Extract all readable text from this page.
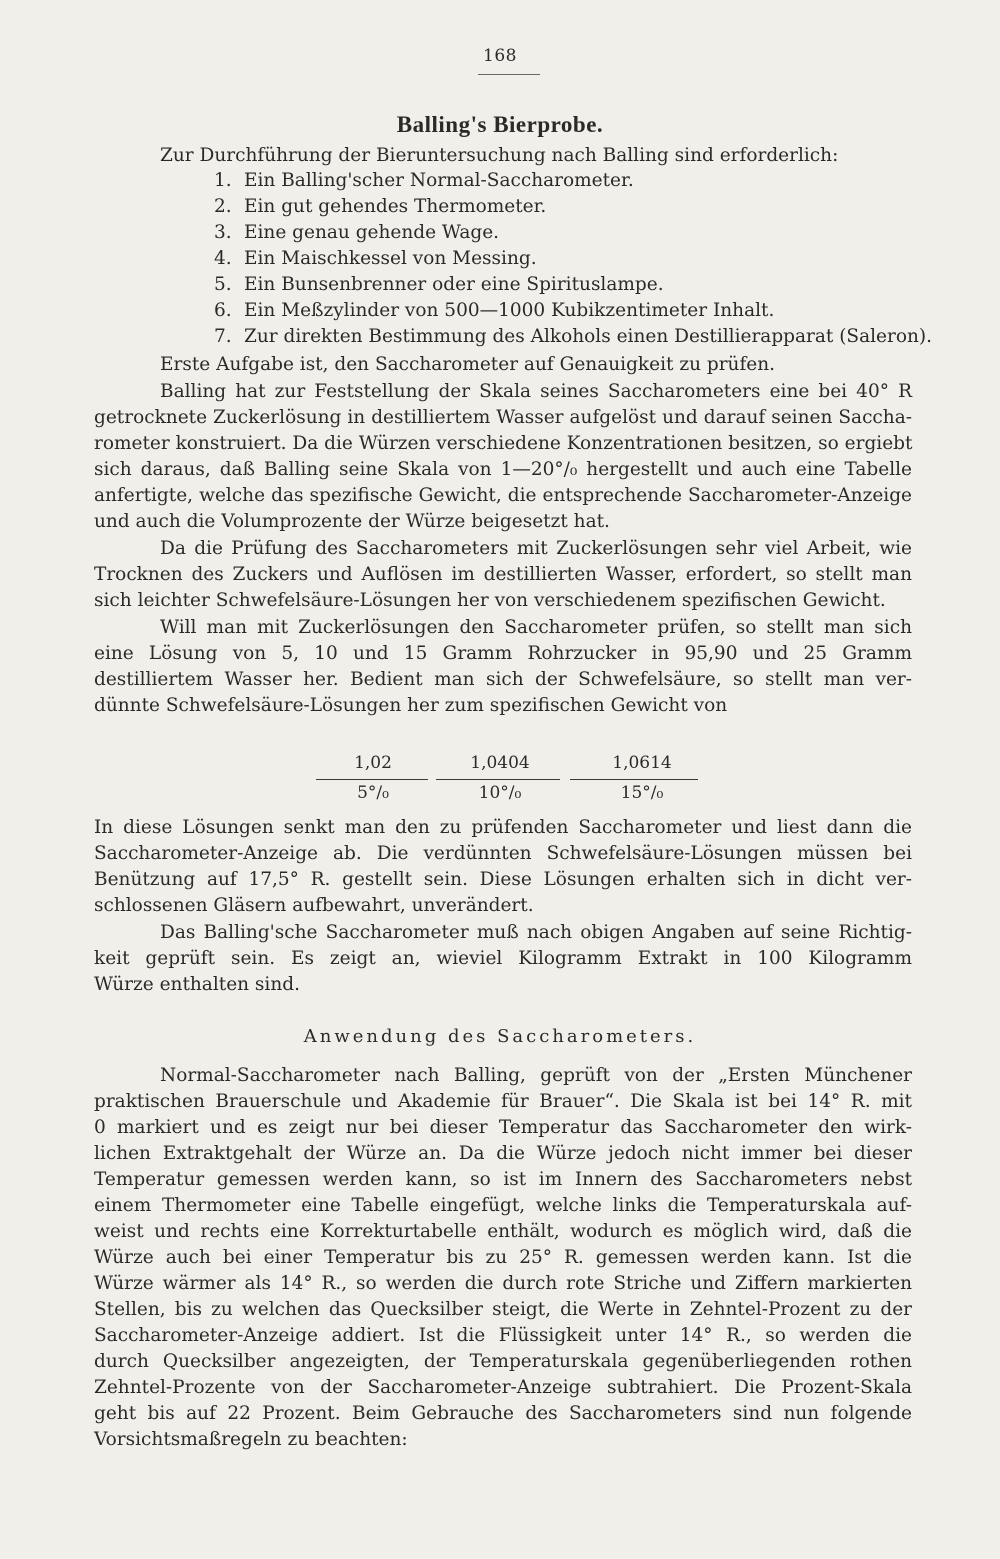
168
Balling's Bierprobe.
Zur Durchführung der Bieruntersuchung nach Balling sind erforderlich:
1. Ein Balling'scher Normal-Saccharometer.
2. Ein gut gehendes Thermometer.
3. Eine genau gehende Wage.
4. Ein Maischkessel von Messing.
5. Ein Bunsenbrenner oder eine Spirituslampe.
6. Ein Meßzylinder von 500—1000 Kubikzentimeter Inhalt.
7. Zur direkten Bestimmung des Alkohols einen Destillierapparat (Saleron).
Erste Aufgabe ist, den Saccharometer auf Genauigkeit zu prüfen.
Balling hat zur Feststellung der Skala seines Saccharometers eine bei 40° R
getrocknete Zuckerlösung in destilliertem Wasser aufgelöst und darauf seinen Saccha-
rometer konstruiert. Da die Würzen verschiedene Konzentrationen besitzen, so ergiebt
sich daraus, daß Balling seine Skala von 1—20°/₀ hergestellt und auch eine Tabelle
anfertigte, welche das spezifische Gewicht, die entsprechende Saccharometer-Anzeige
und auch die Volumprozente der Würze beigesetzt hat.
Da die Prüfung des Saccharometers mit Zuckerlösungen sehr viel Arbeit, wie
Trocknen des Zuckers und Auflösen im destillierten Wasser, erfordert, so stellt man
sich leichter Schwefelsäure-Lösungen her von verschiedenem spezifischen Gewicht.
Will man mit Zuckerlösungen den Saccharometer prüfen, so stellt man sich
eine Lösung von 5, 10 und 15 Gramm Rohrzucker in 95,90 und 25 Gramm
destilliertem Wasser her. Bedient man sich der Schwefelsäure, so stellt man ver-
dünnte Schwefelsäure-Lösungen her zum spezifischen Gewicht von
1,02	1,0404	1,0614
5°/₀	10°/₀	15°/₀
In diese Lösungen senkt man den zu prüfenden Saccharometer und liest dann die
Saccharometer-Anzeige ab. Die verdünnten Schwefelsäure-Lösungen müssen bei
Benützung auf 17,5° R. gestellt sein. Diese Lösungen erhalten sich in dicht ver-
schlossenen Gläsern aufbewahrt, unverändert.
Das Balling'sche Saccharometer muß nach obigen Angaben auf seine Richtig-
keit geprüft sein. Es zeigt an, wieviel Kilogramm Extrakt in 100 Kilogramm
Würze enthalten sind.
Anwendung des Saccharometers.
Normal-Saccharometer nach Balling, geprüft von der „Ersten Münchener
praktischen Brauerschule und Akademie für Brauer“. Die Skala ist bei 14° R. mit
0 markiert und es zeigt nur bei dieser Temperatur das Saccharometer den wirk-
lichen Extraktgehalt der Würze an. Da die Würze jedoch nicht immer bei dieser
Temperatur gemessen werden kann, so ist im Innern des Saccharometers nebst
einem Thermometer eine Tabelle eingefügt, welche links die Temperaturskala auf-
weist und rechts eine Korrekturtabelle enthält, wodurch es möglich wird, daß die
Würze auch bei einer Temperatur bis zu 25° R. gemessen werden kann. Ist die
Würze wärmer als 14° R., so werden die durch rote Striche und Ziffern markierten
Stellen, bis zu welchen das Quecksilber steigt, die Werte in Zehntel-Prozent zu der
Saccharometer-Anzeige addiert. Ist die Flüssigkeit unter 14° R., so werden die
durch Quecksilber angezeigten, der Temperaturskala gegenüberliegenden rothen
Zehntel-Prozente von der Saccharometer-Anzeige subtrahiert. Die Prozent-Skala
geht bis auf 22 Prozent. Beim Gebrauche des Saccharometers sind nun folgende
Vorsichtsmaßregeln zu beachten:
